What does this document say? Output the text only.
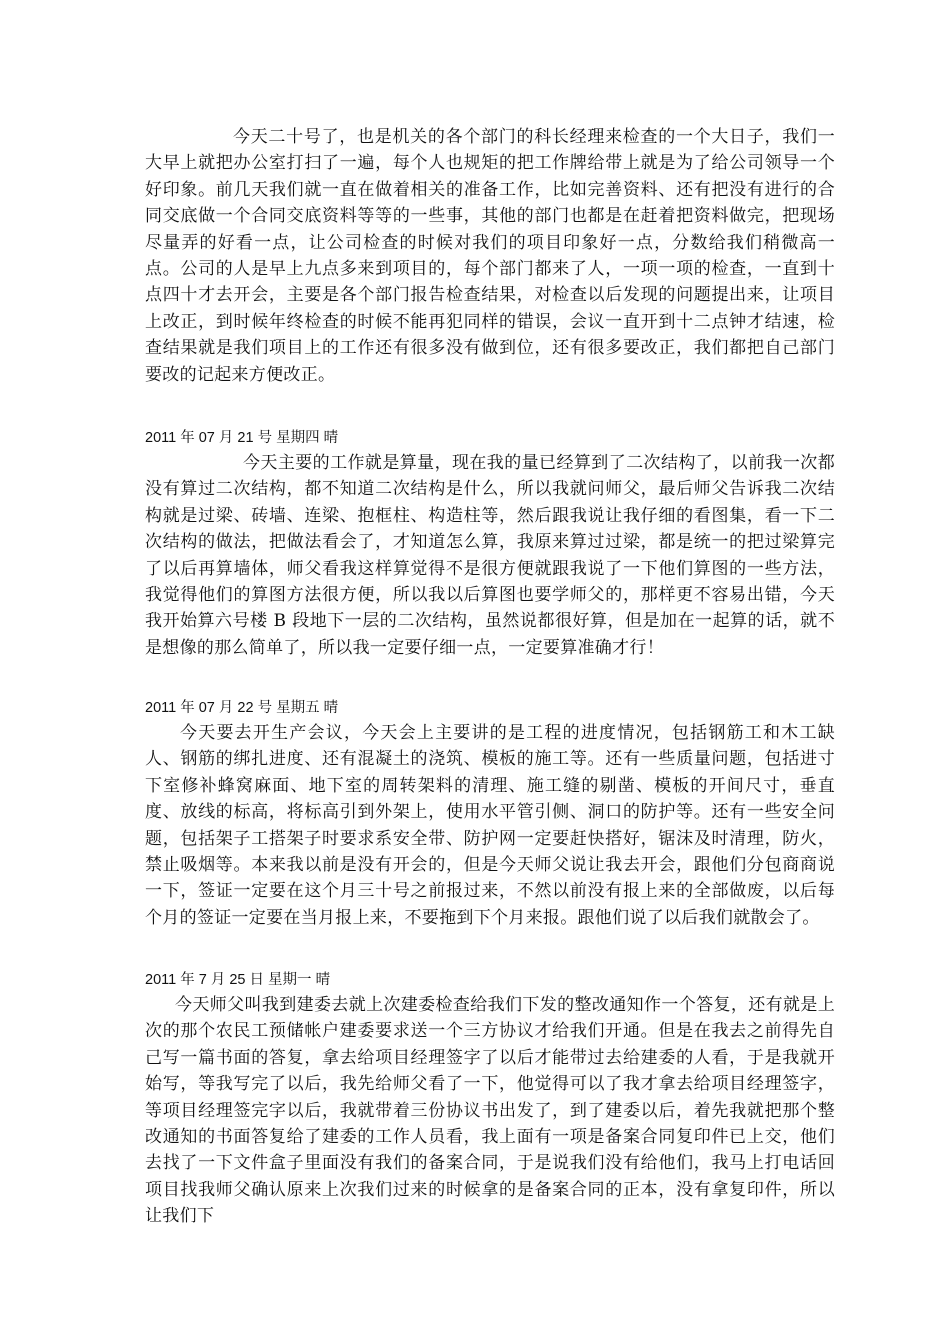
今天二十号了，也是机关的各个部门的科长经理来检查的一个大日子，我们一大早上就把办公室打扫了一遍，每个人也规矩的把工作牌给带上就是为了给公司领导一个好印象。前几天我们就一直在做着相关的准备工作，比如完善资料、还有把没有进行的合同交底做一个合同交底资料等等的一些事，其他的部门也都是在赶着把资料做完，把现场尽量弄的好看一点，让公司检查的时候对我们的项目印象好一点，分数给我们稍微高一点。公司的人是早上九点多来到项目的，每个部门都来了人，一项一项的检查，一直到十点四十才去开会，主要是各个部门报告检查结果，对检查以后发现的问题提出来，让项目上改正，到时候年终检查的时候不能再犯同样的错误，会议一直开到十二点钟才结速，检查结果就是我们项目上的工作还有很多没有做到位，还有很多要改正，我们都把自己部门要改的记起来方便改正。

2011 年 07 月 21 号 星期四 晴

今天主要的工作就是算量，现在我的量已经算到了二次结构了，以前我一次都没有算过二次结构，都不知道二次结构是什么，所以我就问师父，最后师父告诉我二次结构就是过梁、砖墙、连梁、抱框柱、构造柱等，然后跟我说让我仔细的看图集，看一下二次结构的做法，把做法看会了，才知道怎么算，我原来算过过梁，都是统一的把过梁算完了以后再算墙体，师父看我这样算觉得不是很方便就跟我说了一下他们算图的一些方法，我觉得他们的算图方法很方便，所以我以后算图也要学师父的，那样更不容易出错，今天我开始算六号楼 B 段地下一层的二次结构，虽然说都很好算，但是加在一起算的话，就不是想像的那么简单了，所以我一定要仔细一点，一定要算准确才行！

2011 年 07 月 22 号 星期五 晴

今天要去开生产会议，今天会上主要讲的是工程的进度情况，包括钢筋工和木工缺人、钢筋的绑扎进度、还有混凝土的浇筑、模板的施工等。还有一些质量问题，包括进寸下室修补蜂窝麻面、地下室的周转架料的清理、施工缝的剔凿、模板的开间尺寸，垂直度、放线的标高，将标高引到外架上，使用水平管引侧、洞口的防护等。还有一些安全问题，包括架子工搭架子时要求系安全带、防护网一定要赶快搭好，锯沫及时清理，防火，禁止吸烟等。本来我以前是没有开会的，但是今天师父说让我去开会，跟他们分包商商说一下，签证一定要在这个月三十号之前报过来，不然以前没有报上来的全部做废，以后每个月的签证一定要在当月报上来，不要拖到下个月来报。跟他们说了以后我们就散会了。

2011 年 7 月 25 日 星期一 晴

今天师父叫我到建委去就上次建委检查给我们下发的整改通知作一个答复，还有就是上次的那个农民工预储帐户建委要求送一个三方协议才给我们开通。但是在我去之前得先自己写一篇书面的答复，拿去给项目经理签字了以后才能带过去给建委的人看，于是我就开始写，等我写完了以后，我先给师父看了一下，他觉得可以了我才拿去给项目经理签字，等项目经理签完字以后，我就带着三份协议书出发了，到了建委以后，着先我就把那个整改通知的书面答复给了建委的工作人员看，我上面有一项是备案合同复印件已上交，他们去找了一下文件盒子里面没有我们的备案合同，于是说我们没有给他们，我马上打电话回项目找我师父确认原来上次我们过来的时候拿的是备案合同的正本，没有拿复印件，所以让我们下
